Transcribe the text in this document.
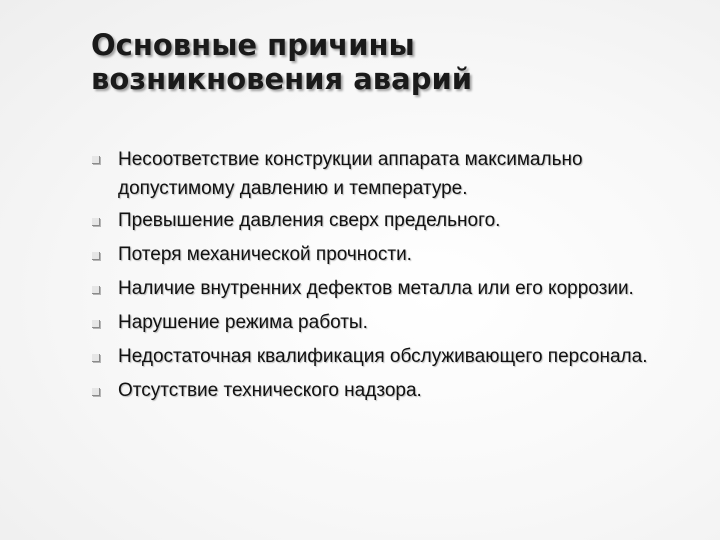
Основные причины возникновения аварий
Несоответствие конструкции аппарата максимально допустимому давлению и температуре.
Превышение давления сверх предельного.
Потеря механической прочности.
Наличие внутренних дефектов металла или его коррозии.
Нарушение режима работы.
Недостаточная квалификация обслуживающего персонала.
Отсутствие технического надзора.
